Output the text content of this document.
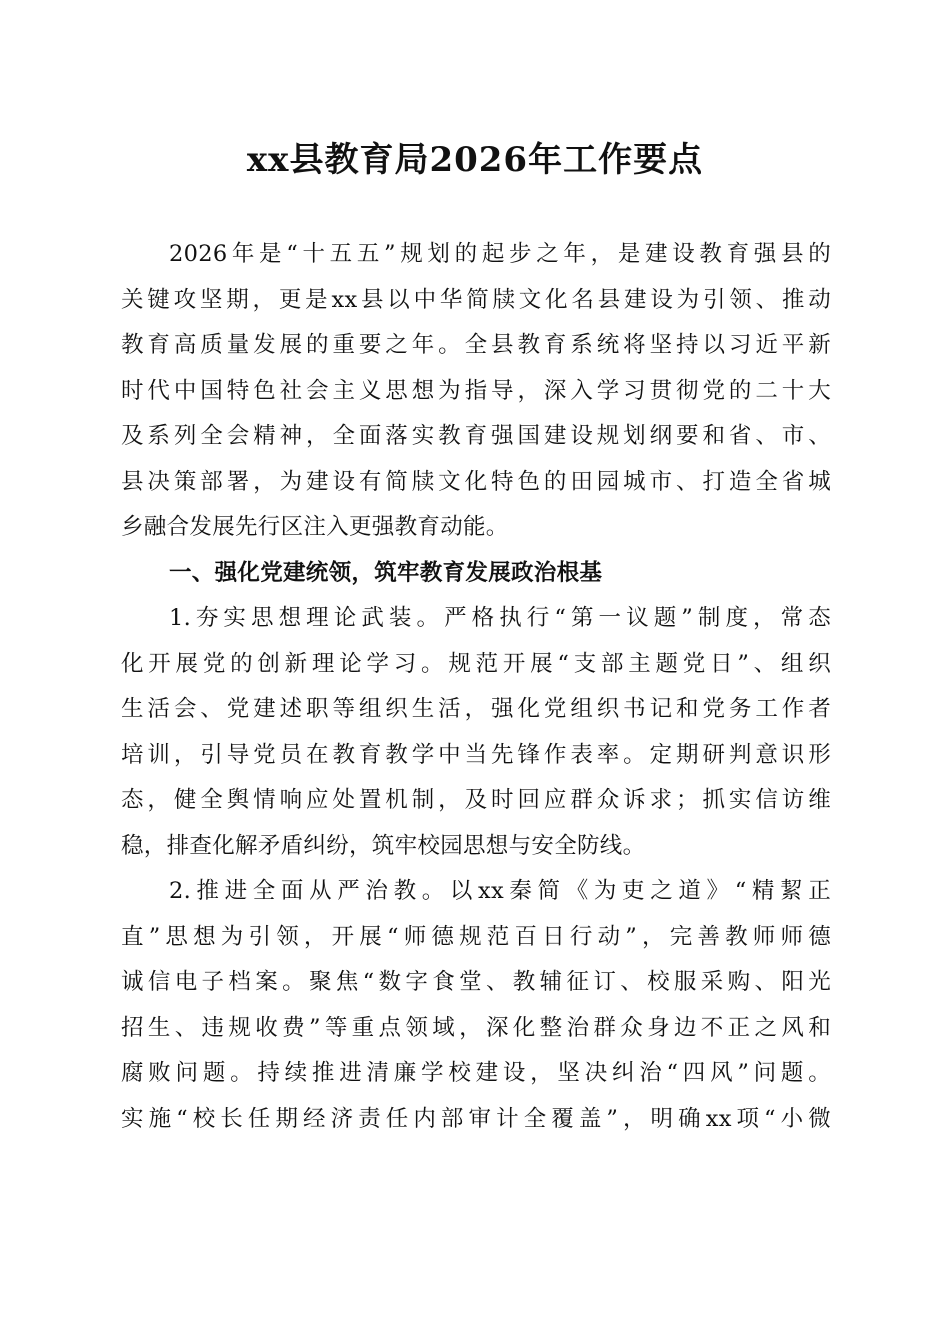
xx县教育局2026年工作要点
2026年是“十五五”规划的起步之年，是建设教育强县的
关键攻坚期，更是xx县以中华简牍文化名县建设为引领、推动
教育高质量发展的重要之年。全县教育系统将坚持以习近平新
时代中国特色社会主义思想为指导，深入学习贯彻党的二十大
及系列全会精神，全面落实教育强国建设规划纲要和省、市、
县决策部署，为建设有简牍文化特色的田园城市、打造全省城
乡融合发展先行区注入更强教育动能。
一、强化党建统领，筑牢教育发展政治根基
1.夯实思想理论武装。严格执行“第一议题”制度，常态
化开展党的创新理论学习。规范开展“支部主题党日”、组织
生活会、党建述职等组织生活，强化党组织书记和党务工作者
培训，引导党员在教育教学中当先锋作表率。定期研判意识形
态，健全舆情响应处置机制，及时回应群众诉求；抓实信访维
稳，排查化解矛盾纠纷，筑牢校园思想与安全防线。
2.推进全面从严治教。以xx秦简《为吏之道》“精絜正
直”思想为引领，开展“师德规范百日行动”，完善教师师德
诚信电子档案。聚焦“数字食堂、教辅征订、校服采购、阳光
招生、违规收费”等重点领域，深化整治群众身边不正之风和
腐败问题。持续推进清廉学校建设，坚决纠治“四风”问题。
实施“校长任期经济责任内部审计全覆盖”，明确xx项“小微
